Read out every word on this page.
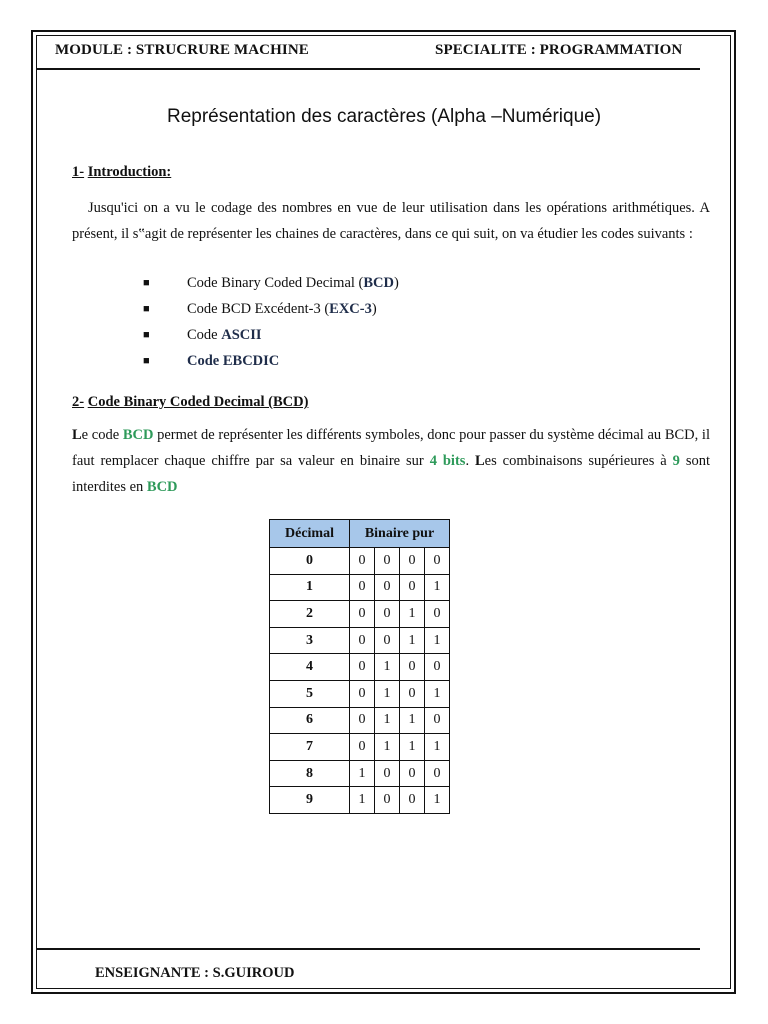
MODULE : STRUCRURE MACHINE	SPECIALITE : PROGRAMMATION
Représentation des caractères (Alpha –Numérique)
1- Introduction:
Jusqu'ici on a vu le codage des nombres en vue de leur utilisation dans les opérations arithmétiques. A présent, il s‟agit de représenter les chaines de caractères, dans ce qui suit, on va étudier les codes suivants :
■	Code Binary Coded Decimal (BCD)
■	Code BCD Excédent-3 (EXC-3)
■	Code ASCII
■	Code EBCDIC
2- Code Binary Coded Decimal (BCD)
Le code BCD permet de représenter les différents symboles, donc pour passer du système décimal au BCD, il faut remplacer chaque chiffre par sa valeur en binaire sur 4 bits. Les combinaisons supérieures à 9 sont interdites en BCD
Décimal	Binaire pur			
0	0	0	0	0
1	0	0	0	1
2	0	0	1	0
3	0	0	1	1
4	0	1	0	0
5	0	1	0	1
6	0	1	1	0
7	0	1	1	1
8	1	0	0	0
9	1	0	0	1
ENSEIGNANTE : S.GUIROUD
